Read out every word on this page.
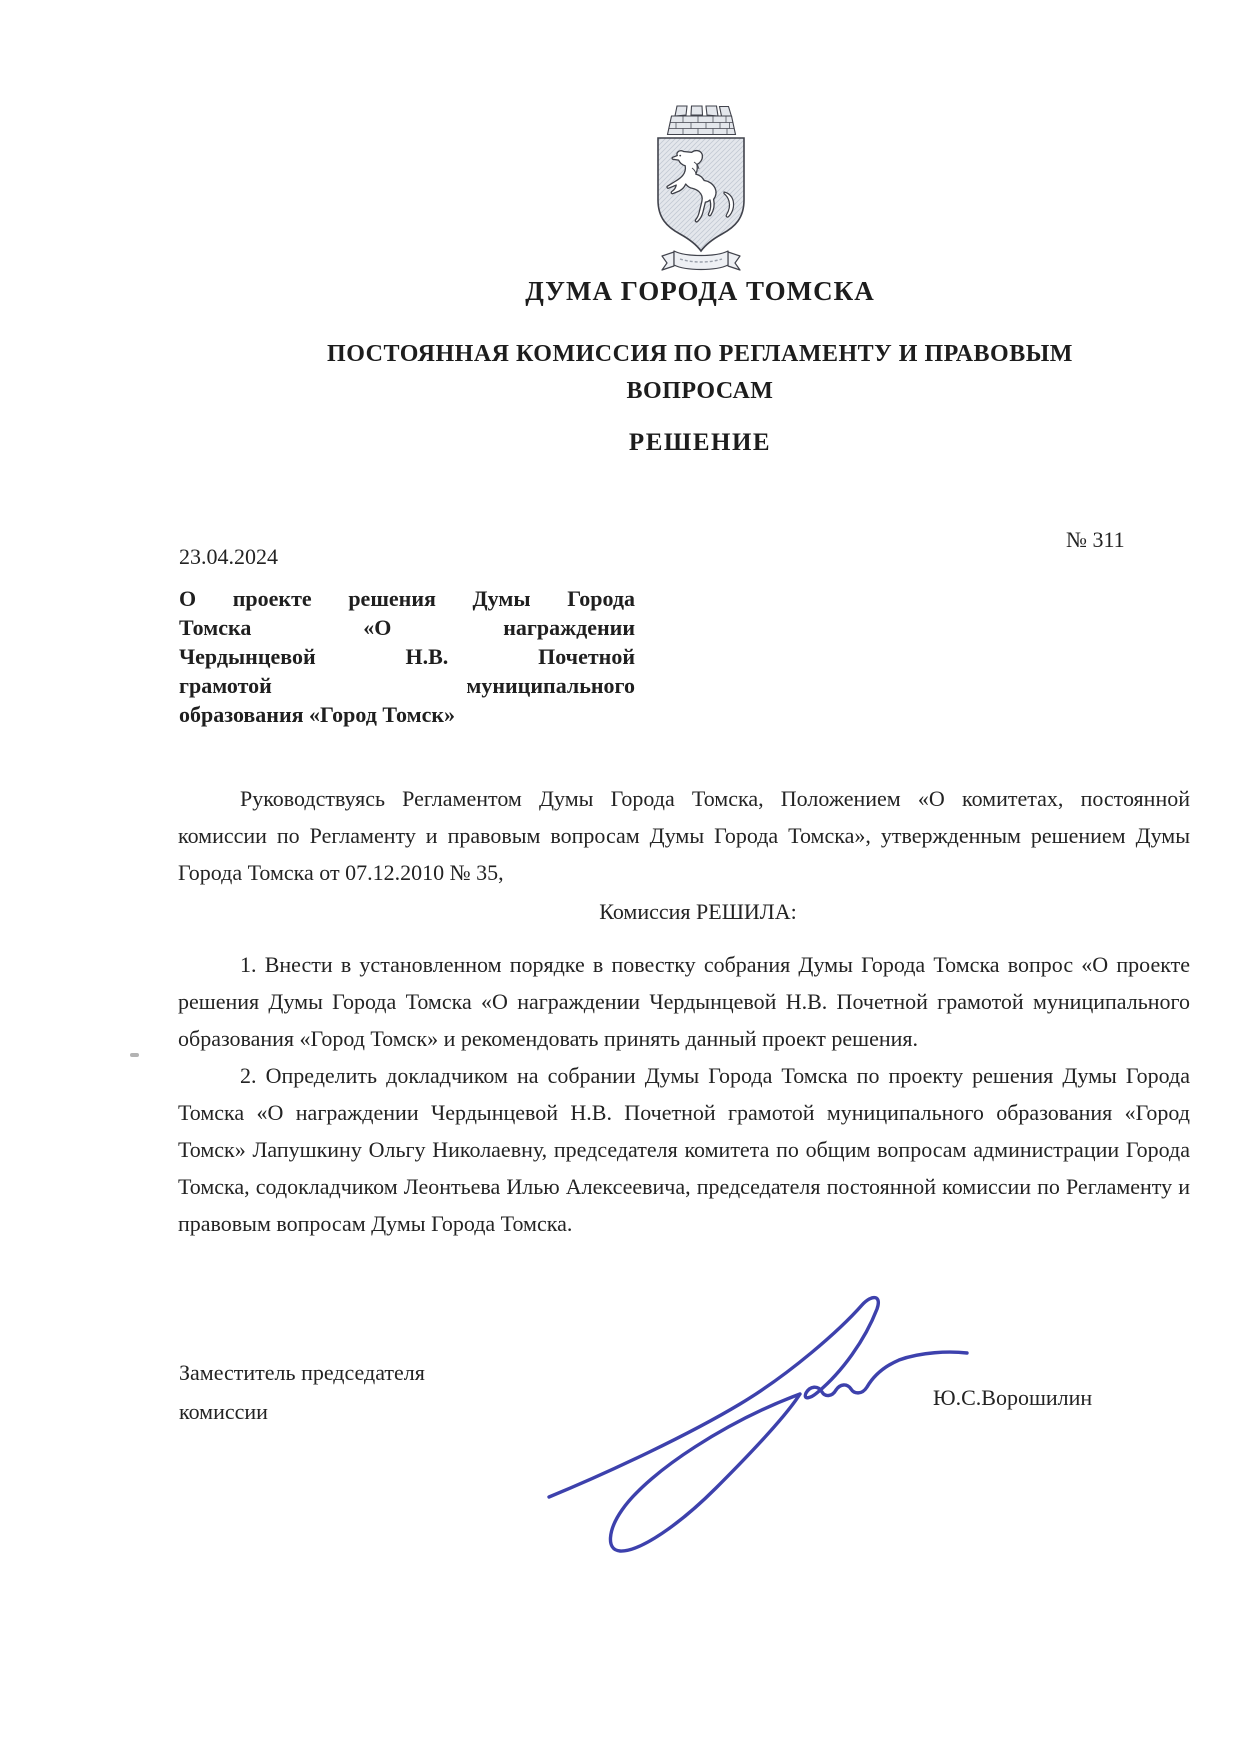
ДУМА ГОРОДА ТОМСКА
ПОСТОЯННАЯ КОМИССИЯ ПО РЕГЛАМЕНТУ И ПРАВОВЫМ ВОПРОСАМ
РЕШЕНИЕ
23.04.2024
№ 311
О проекте решения Думы Города
Томска «О награждении
Чердынцевой Н.В. Почетной
грамотой муниципального
образования «Город Томск»

Руководствуясь Регламентом Думы Города Томска, Положением «О комитетах, постоянной комиссии по Регламенту и правовым вопросам Думы Города Томска», утвержденным решением Думы Города Томска от 07.12.2010 № 35,

Комиссия РЕШИЛА:

1. Внести в установленном порядке в повестку собрания Думы Города Томска вопрос «О проекте решения Думы Города Томска «О награждении Чердынцевой Н.В. Почетной грамотой муниципального образования «Город Томск» и рекомендовать принять данный проект решения.

2. Определить докладчиком на собрании Думы Города Томска по проекту решения Думы Города Томска «О награждении Чердынцевой Н.В. Почетной грамотой муниципального образования «Город Томск» Лапушкину Ольгу Николаевну, председателя комитета по общим вопросам администрации Города Томска, содокладчиком Леонтьева Илью Алексеевича, председателя постоянной комиссии по Регламенту и правовым вопросам Думы Города Томска.

Заместитель председателя комиссии
Ю.С.Ворошилин
